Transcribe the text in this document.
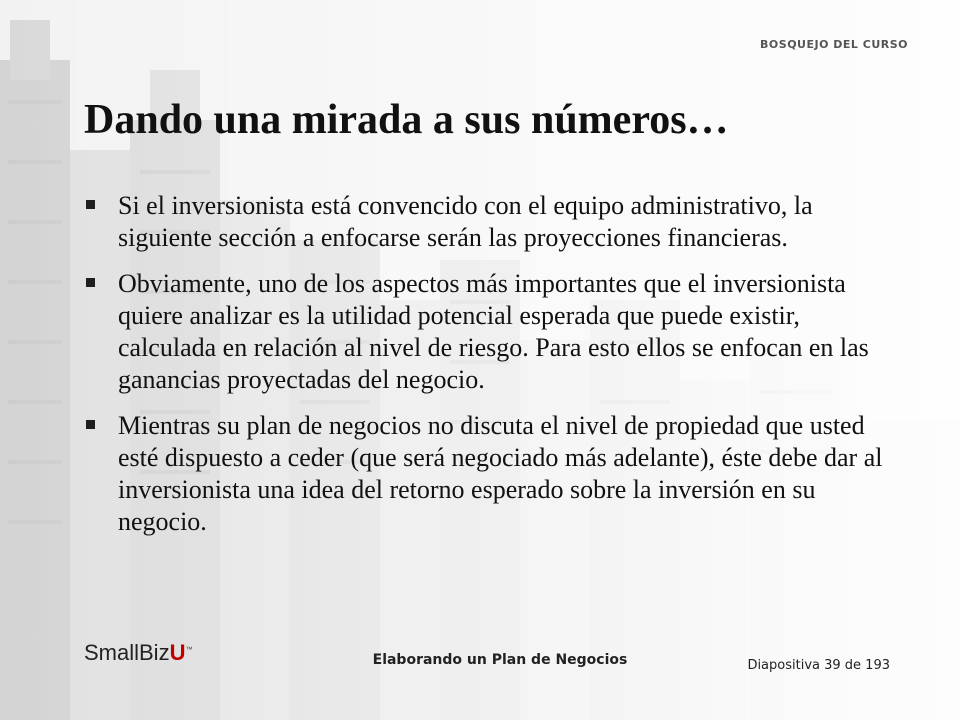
BOSQUEJO DEL CURSO
Dando una mirada a sus números…
Si el inversionista está convencido con el equipo administrativo, la siguiente sección a enfocarse serán las proyecciones financieras.
Obviamente, uno de los aspectos más importantes que el inversionista quiere analizar es la utilidad potencial esperada que puede existir, calculada en relación al nivel de riesgo. Para esto ellos se enfocan en las ganancias proyectadas del negocio.
Mientras su plan de negocios no discuta el nivel de propiedad que usted esté dispuesto a ceder (que será negociado más adelante), éste debe dar al inversionista una idea del retorno esperado sobre la inversión en su negocio.
SmallBizU™
Elaborando un Plan de Negocios	Diapositiva 39 de 193
